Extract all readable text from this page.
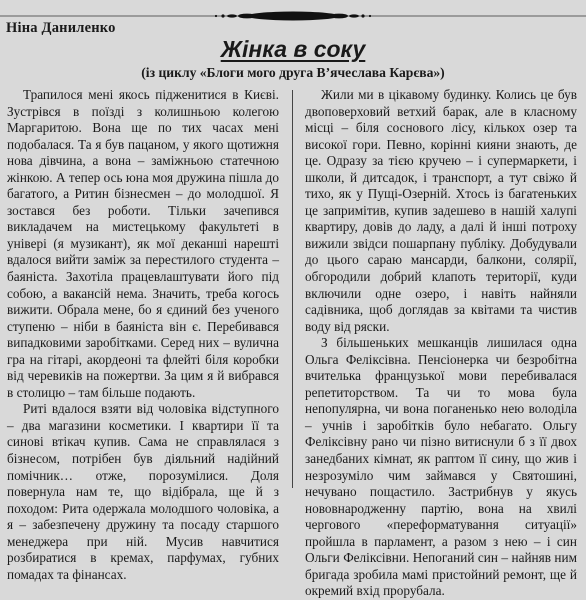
Ніна Даниленко
Жінка в соку
(із циклу «Блоги мого друга В’ячеслава Карєва»)

Трапилося мені якось підженитися в Києві. Зустрівся в поїзді з колишньою колегою Маргаритою. Вона ще по тих часах мені подобалася. Та я був пацаном, у якого щотижня нова дівчина, а вона – заміжньою статечною жінкою. А тепер ось юна моя дружина пішла до багатого, а Ритин бізнесмен – до молодшої. Я зостався без роботи. Тільки зачепився викладачем на мистецькому факультеті в універі (я музикант), як мої деканші нарешті вдалося вийти заміж за перестилого студента – баяніста. Захотіла працевлаштувати його під собою, а вакансій нема. Значить, треба когось вижити. Обрала мене, бо я єдиний без ученого ступеню – ніби в баяніста він є. Перебивався випадковими заробітками. Серед них – вулична гра на гітарі, акордеоні та флейті біля коробки від черевиків на пожертви. За цим я й вибрався в столицю – там більше подають.

Риті вдалося взяти від чоловіка відступного – два магазини косметики. І квартири її та синові втікач купив. Сама не справлялася з бізнесом, потрібен був діяльний надійний помічник… отже, порозумілися. Доля повернула нам те, що відібрала, ще й з походом: Рита одержала молодшого чоловіка, а я – забезпечену дружину та посаду старшого менеджера при ній. Мусив навчитися розбиратися в кремах, парфумах, губних помадах та фінансах.

Жили ми в цікавому будинку. Колись це був двоповерховий ветхий барак, але в класному місці – біля соснового лісу, кількох озер та високої гори. Певно, корінні кияни знають, де це. Одразу за тією кручею – і супермаркети, і школи, й дитсадок, і транспорт, а тут свіжо й тихо, як у Пущі-Озерній. Хтось із багатеньких це запримітив, купив задешево в нашій халупі квартиру, довів до ладу, а далі й інші потроху вижили звідси пошарпану публіку. Добудували до цього сараю мансарди, балкони, солярії, обгородили добрий клапоть території, куди включили одне озеро, і навіть найняли садівника, щоб доглядав за квітами та чистив воду від ряски.

З більшенькиx мешканців лишилася одна Ольга Феліксівна. Пенсіонерка чи безробітна вчителька французької мови перебивалася репетиторством. Та чи то мова була непопулярна, чи вона поганенько нею володіла – учнів і заробітків було небагато. Ольгу Феліксівну рано чи пізно витиснули б з її двох занедбаних кімнат, як раптом її сину, що жив і незрозуміло чим займався у Святошині, нечувано пощастило. Застрибнув у якусь нововнародженну партію, вона на хвилі чергового «переформатування ситуації» пройшла в парламент, а разом з нею – і син Ольги Феліксівни. Непоганий син – найняв ним бригада зробила мамі пристойний ремонт, ще й окремий вхід прорубала.
